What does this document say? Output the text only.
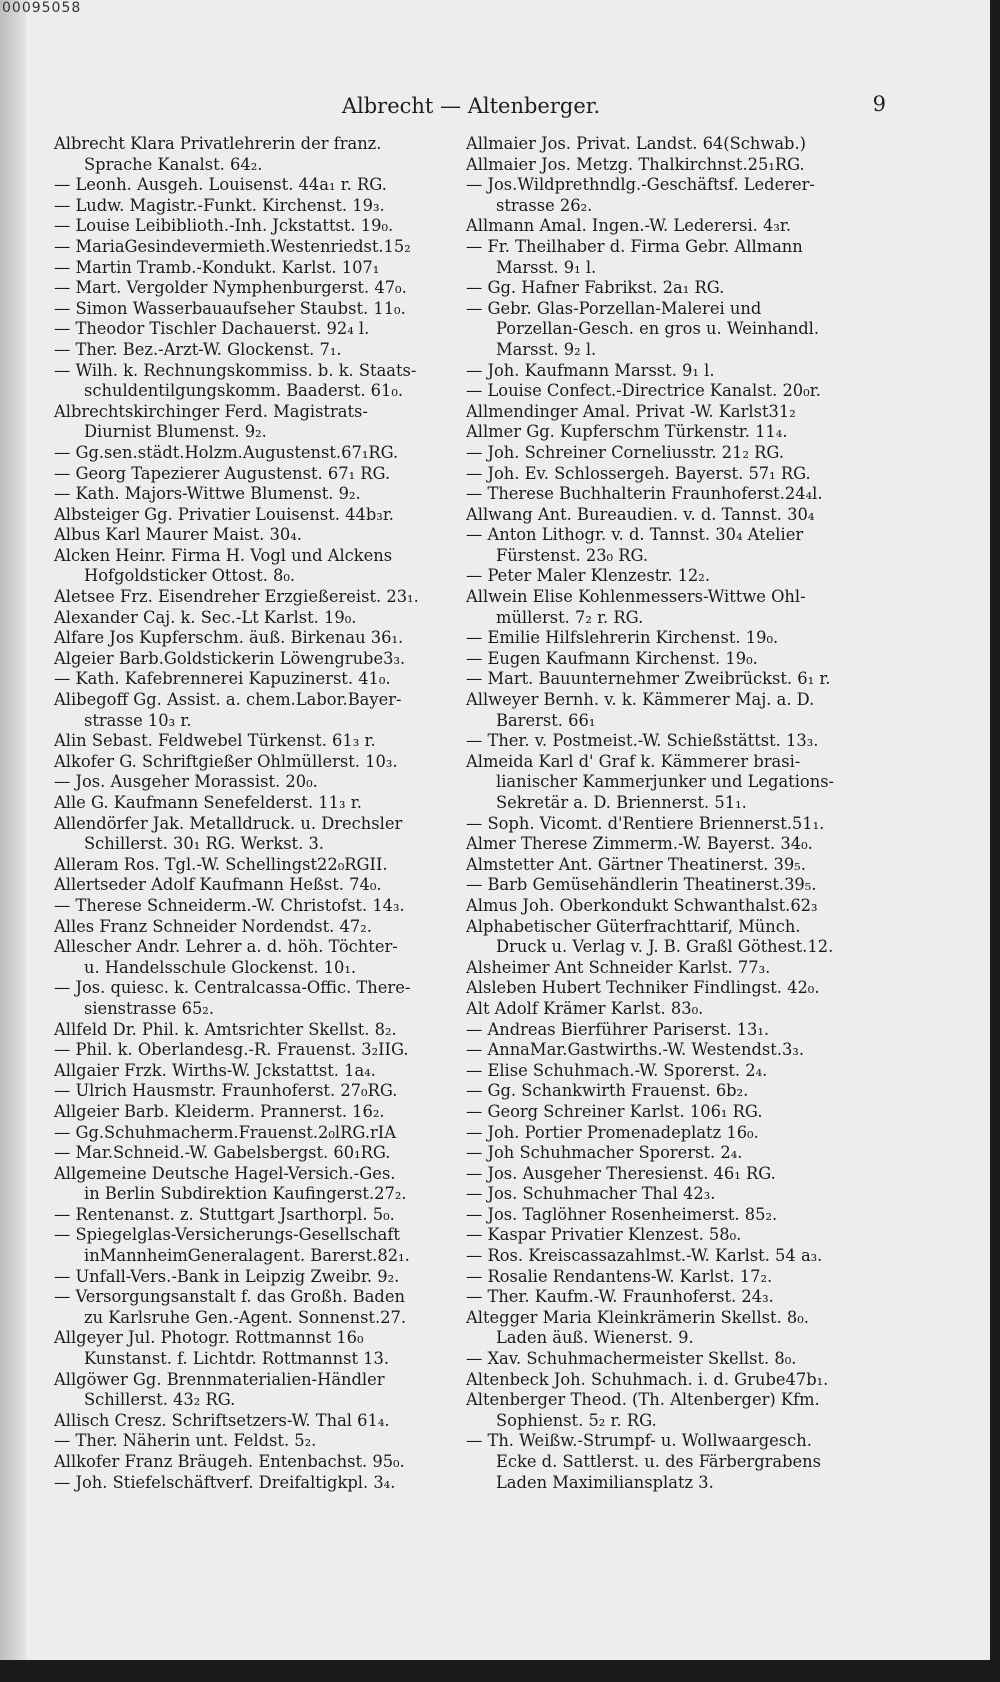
00095058
Albrecht — Altenberger.	9
Albrecht Klara Privatlehrerin der franz.
Sprache Kanalst. 64₂.
— Leonh. Ausgeh. Louisenst. 44a₁ r. RG.
— Ludw. Magistr.-Funkt. Kirchenst. 19₃.
— Louise Leibiblioth.-Inh. Jckstattst. 19₀.
— MariaGesindevermieth.Westenriedst.15₂
— Martin Tramb.-Kondukt. Karlst. 107₁
— Mart. Vergolder Nymphenburgerst. 47₀.
— Simon Wasserbauaufseher Staubst. 11₀.
— Theodor Tischler Dachauerst. 92₄ l.
— Ther. Bez.-Arzt-W. Glockenst. 7₁.
— Wilh. k. Rechnungskommiss. b. k. Staats-
schuldentilgungskomm. Baaderst. 61₀.
Albrechtskirchinger Ferd. Magistrats-
Diurnist Blumenst. 9₂.
— Gg.sen.städt.Holzm.Augustenst.67₁RG.
— Georg Tapezierer Augustenst. 67₁ RG.
— Kath. Majors-Wittwe Blumenst. 9₂.
Albsteiger Gg. Privatier Louisenst. 44b₃r.
Albus Karl Maurer Maist. 30₄.
Alcken Heinr. Firma H. Vogl und Alckens
Hofgoldsticker Ottost. 8₀.
Aletsee Frz. Eisendreher Erzgießereist. 23₁.
Alexander Caj. k. Sec.-Lt Karlst. 19₀.
Alfare Jos Kupferschm. äuß. Birkenau 36₁.
Algeier Barb.Goldstickerin Löwengrube3₃.
— Kath. Kafebrennerei Kapuzinerst. 41₀.
Alibegoff Gg. Assist. a. chem.Labor.Bayer-
strasse 10₃ r.
Alin Sebast. Feldwebel Türkenst. 61₃ r.
Alkofer G. Schriftgießer Ohlmüllerst. 10₃.
— Jos. Ausgeher Morassist. 20₀.
Alle G. Kaufmann Senefelderst. 11₃ r.
Allendörfer Jak. Metalldruck. u. Drechsler
Schillerst. 30₁ RG. Werkst. 3.
Alleram Ros. Tgl.-W. Schellingst22₀RGII.
Allertseder Adolf Kaufmann Heßst. 74₀.
— Therese Schneiderm.-W. Christofst. 14₃.
Alles Franz Schneider Nordendst. 47₂.
Allescher Andr. Lehrer a. d. höh. Töchter-
u. Handelsschule Glockenst. 10₁.
— Jos. quiesc. k. Centralcassa-Offic. There-
sienstrasse 65₂.
Allfeld Dr. Phil. k. Amtsrichter Skellst. 8₂.
— Phil. k. Oberlandesg.-R. Frauenst. 3₂IIG.
Allgaier Frzk. Wirths-W. Jckstattst. 1a₄.
— Ulrich Hausmstr. Fraunhoferst. 27₀RG.
Allgeier Barb. Kleiderm. Prannerst. 16₂.
— Gg.Schuhmacherm.Frauenst.2₀lRG.rIA
— Mar.Schneid.-W. Gabelsbergst. 60₁RG.
Allgemeine Deutsche Hagel-Versich.-Ges.
in Berlin Subdirektion Kaufingerst.27₂.
— Rentenanst. z. Stuttgart Jsarthorpl. 5₀.
— Spiegelglas-Versicherungs-Gesellschaft
inMannheimGeneralagent. Barerst.82₁.
— Unfall-Vers.-Bank in Leipzig Zweibr. 9₂.
— Versorgungsanstalt f. das Großh. Baden
zu Karlsruhe Gen.-Agent. Sonnenst.27.
Allgeyer Jul. Photogr. Rottmannst 16₀
Kunstanst. f. Lichtdr. Rottmannst 13.
Allgöwer Gg. Brennmaterialien-Händler
Schillerst. 43₂ RG.
Allisch Cresz. Schriftsetzers-W. Thal 61₄.
— Ther. Näherin unt. Feldst. 5₂.
Allkofer Franz Bräugeh. Entenbachst. 95₀.
— Joh. Stiefelschäftverf. Dreifaltigkpl. 3₄.
Allmaier Jos. Privat. Landst. 64(Schwab.)
Allmaier Jos. Metzg. Thalkirchnst.25₁RG.
— Jos.Wildprethndlg.-Geschäftsf. Lederer-
strasse 26₂.
Allmann Amal. Ingen.-W. Lederersi. 4₃r.
— Fr. Theilhaber d. Firma Gebr. Allmann
Marsst. 9₁ l.
— Gg. Hafner Fabrikst. 2a₁ RG.
— Gebr. Glas-Porzellan-Malerei und
Porzellan-Gesch. en gros u. Weinhandl.
Marsst. 9₂ l.
— Joh. Kaufmann Marsst. 9₁ l.
— Louise Confect.-Directrice Kanalst. 20₀r.
Allmendinger Amal. Privat -W. Karlst31₂
Allmer Gg. Kupferschm Türkenstr. 11₄.
— Joh. Schreiner Corneliusstr. 21₂ RG.
— Joh. Ev. Schlossergeh. Bayerst. 57₁ RG.
— Therese Buchhalterin Fraunhoferst.24₄l.
Allwang Ant. Bureaudien. v. d. Tannst. 30₄
— Anton Lithogr. v. d. Tannst. 30₄ Atelier
Fürstenst. 23₀ RG.
— Peter Maler Klenzestr. 12₂.
Allwein Elise Kohlenmessers-Wittwe Ohl-
müllerst. 7₂ r. RG.
— Emilie Hilfslehrerin Kirchenst. 19₀.
— Eugen Kaufmann Kirchenst. 19₀.
— Mart. Bauunternehmer Zweibrückst. 6₁ r.
Allweyer Bernh. v. k. Kämmerer Maj. a. D.
Barerst. 66₁
— Ther. v. Postmeist.-W. Schießstättst. 13₃.
Almeida Karl d' Graf k. Kämmerer brasi-
lianischer Kammerjunker und Legations-
Sekretär a. D. Briennerst. 51₁.
— Soph. Vicomt. d'Rentiere Briennerst.51₁.
Almer Therese Zimmerm.-W. Bayerst. 34₀.
Almstetter Ant. Gärtner Theatinerst. 39₅.
— Barb Gemüsehändlerin Theatinerst.39₅.
Almus Joh. Oberkondukt Schwanthalst.62₃
Alphabetischer Güterfrachttarif, Münch.
Druck u. Verlag v. J. B. Graßl Göthest.12.
Alsheimer Ant Schneider Karlst. 77₃.
Alsleben Hubert Techniker Findlingst. 42₀.
Alt Adolf Krämer Karlst. 83₀.
— Andreas Bierführer Pariserst. 13₁.
— AnnaMar.Gastwirths.-W. Westendst.3₃.
— Elise Schuhmach.-W. Sporerst. 2₄.
— Gg. Schankwirth Frauenst. 6b₂.
— Georg Schreiner Karlst. 106₁ RG.
— Joh. Portier Promenadeplatz 16₀.
— Joh Schuhmacher Sporerst. 2₄.
— Jos. Ausgeher Theresienst. 46₁ RG.
— Jos. Schuhmacher Thal 42₃.
— Jos. Taglöhner Rosenheimerst. 85₂.
— Kaspar Privatier Klenzest. 58₀.
— Ros. Kreiscassazahlmst.-W. Karlst. 54 a₃.
— Rosalie Rendantens-W. Karlst. 17₂.
— Ther. Kaufm.-W. Fraunhoferst. 24₃.
Altegger Maria Kleinkrämerin Skellst. 8₀.
Laden äuß. Wienerst. 9.
— Xav. Schuhmachermeister Skellst. 8₀.
Altenbeck Joh. Schuhmach. i. d. Grube47b₁.
Altenberger Theod. (Th. Altenberger) Kfm.
Sophienst. 5₂ r. RG.
— Th. Weißw.-Strumpf- u. Wollwaargesch.
Ecke d. Sattlerst. u. des Färbergrabens
Laden Maximiliansplatz 3.
